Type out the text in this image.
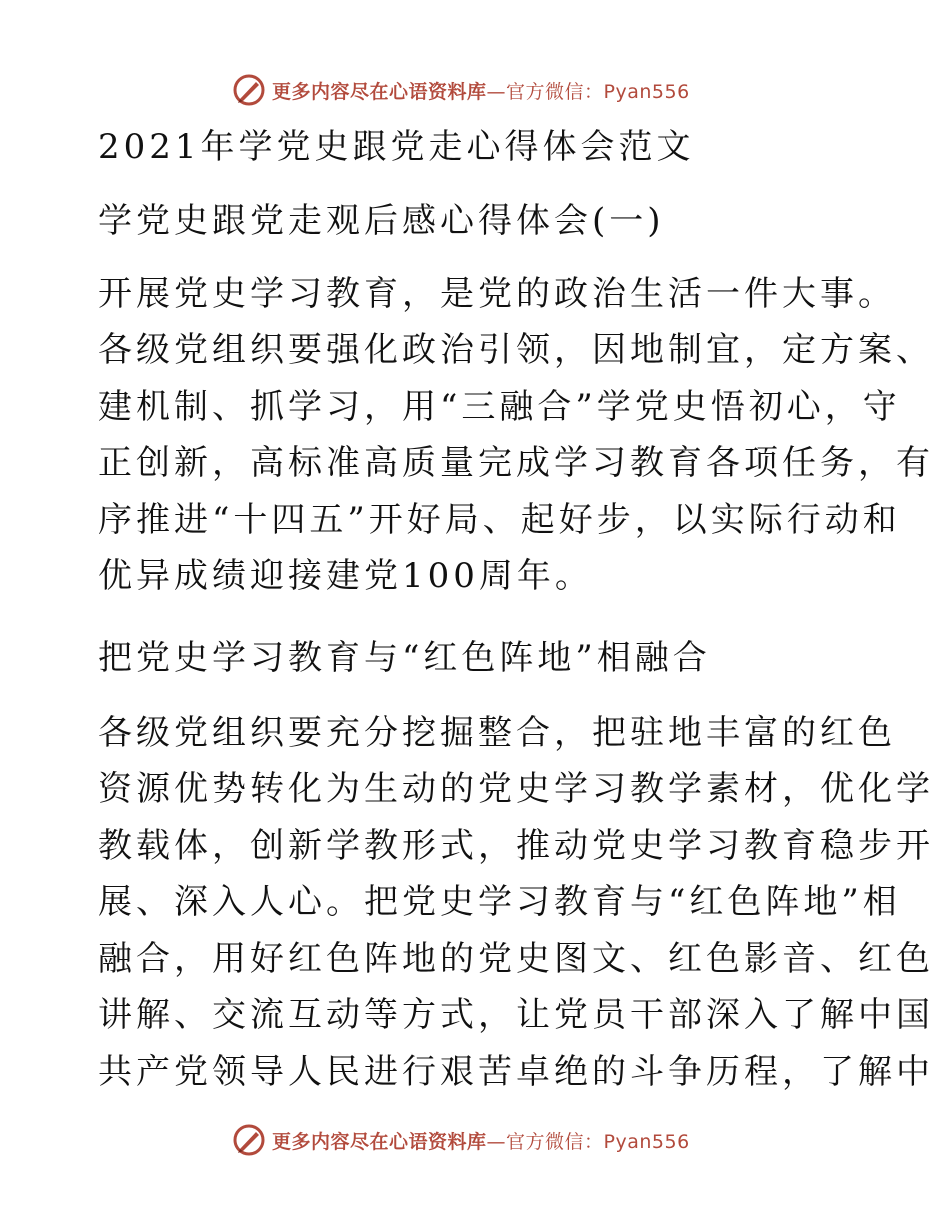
更多内容尽在心语资料库 —官方微信：Pyan556
2021年学党史跟党走心得体会范文
学党史跟党走观后感心得体会(一)
开展党史学习教育，是党的政治生活一件大事。
各级党组织要强化政治引领，因地制宜，定方案、
建机制、抓学习，用“三融合”学党史悟初心，守
正创新，高标准高质量完成学习教育各项任务，有
序推进“十四五”开好局、起好步，以实际行动和
优异成绩迎接建党100周年。
把党史学习教育与“红色阵地”相融合
各级党组织要充分挖掘整合，把驻地丰富的红色
资源优势转化为生动的党史学习教学素材，优化学
教载体，创新学教形式，推动党史学习教育稳步开
展、深入人心。把党史学习教育与“红色阵地”相
融合，用好红色阵地的党史图文、红色影音、红色
讲解、交流互动等方式，让党员干部深入了解中国
共产党领导人民进行艰苦卓绝的斗争历程，了解中
更多内容尽在心语资料库 —官方微信：Pyan556
